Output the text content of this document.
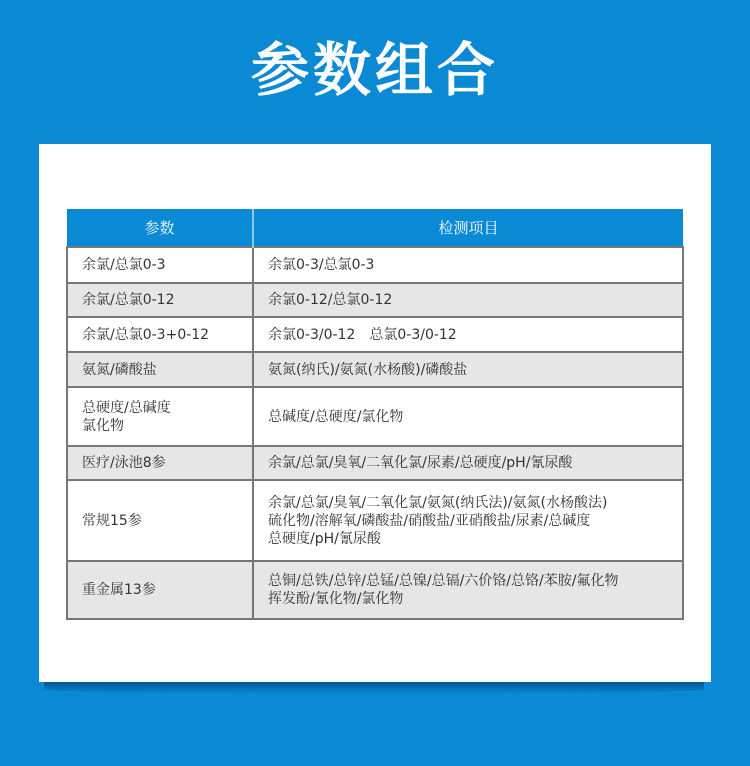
参数组合
参数	检测项目

余氯/总氯0-3	余氯0-3/总氯0-3

余氯/总氯0-12	余氯0-12/总氯0-12

余氯/总氯0-3+0-12	余氯0-3/0-12　总氯0-3/0-12

氨氮/磷酸盐	氨氮(纳氏)/氨氮(水杨酸)/磷酸盐

总硬度/总碱度
氯化物	总碱度/总硬度/氯化物

医疗/泳池8参	余氯/总氯/臭氧/二氧化氯/尿素/总硬度/pH/氰尿酸

常规15参	余氯/总氯/臭氧/二氧化氯/氨氮(纳氏法)/氨氮(水杨酸法)
硫化物/溶解氧/磷酸盐/硝酸盐/亚硝酸盐/尿素/总碱度
总硬度/pH/氰尿酸

重金属13参	总铜/总铁/总锌/总锰/总镍/总镉/六价铬/总铬/苯胺/氟化物
挥发酚/氰化物/氯化物
